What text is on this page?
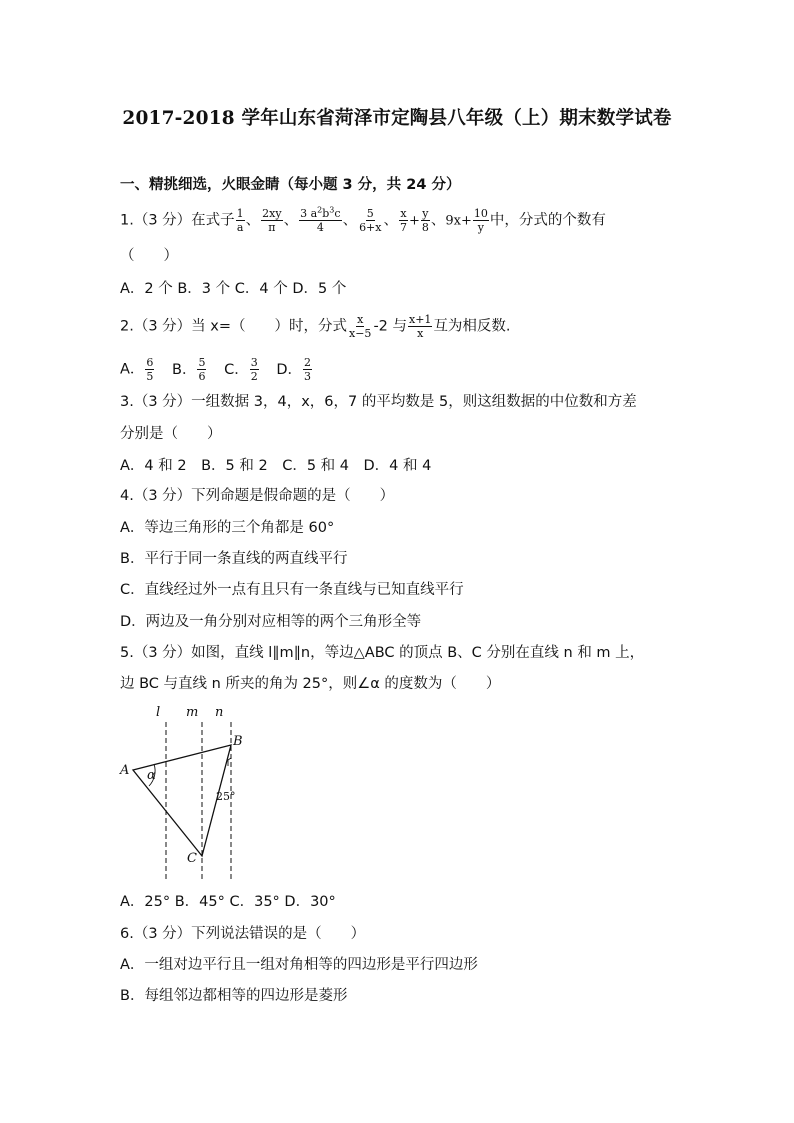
2017-2018 学年山东省菏泽市定陶县八年级（上）期末数学试卷
一、精挑细选，火眼金睛（每小题 3 分，共 24 分）
1.（3 分）在式子 $\frac{1}{a}$ 、 $\frac{2xy}{\pi}$ 、 $\frac{3 a^2b^3c}{4}$ 、 $\frac{5}{6+x}$ 、 $\frac{x}{7} + \frac{y}{8}$ 、$9x+ \frac{10}{y}$ 中，分式的个数有
（　　）
A．2 个 B．3 个 C．4 个 D．5 个
2.（3 分）当 x=（　　）时，分式 $\frac{x}{x-5} -2$ 与 $\frac{x+1}{x}$ 互为相反数.
A． $\frac{6}{5}$ B． $\frac{5}{6}$ C． $\frac{3}{2}$ D． $\frac{2}{3}$
3.（3 分）一组数据 3，4，x，6，7 的平均数是 5，则这组数据的中位数和方差
分别是（　　）
A．4 和 2　B．5 和 2　C．5 和 4　D．4 和 4
4.（3 分）下列命题是假命题的是（　　）
A．等边三角形的三个角都是 60°
B．平行于同一条直线的两直线平行
C．直线经过外一点有且只有一条直线与已知直线平行
D．两边及一角分别对应相等的两个三角形全等
5.（3 分）如图，直线 l∥m∥n，等边△ABC 的顶点 B、C 分别在直线 n 和 m 上，
边 BC 与直线 n 所夹的角为 25°，则∠α 的度数为（　　）
l m n
A
B
C
α
25°
A．25° B．45° C．35° D．30°
6.（3 分）下列说法错误的是（　　）
A．一组对边平行且一组对角相等的四边形是平行四边形
B．每组邻边都相等的四边形是菱形
